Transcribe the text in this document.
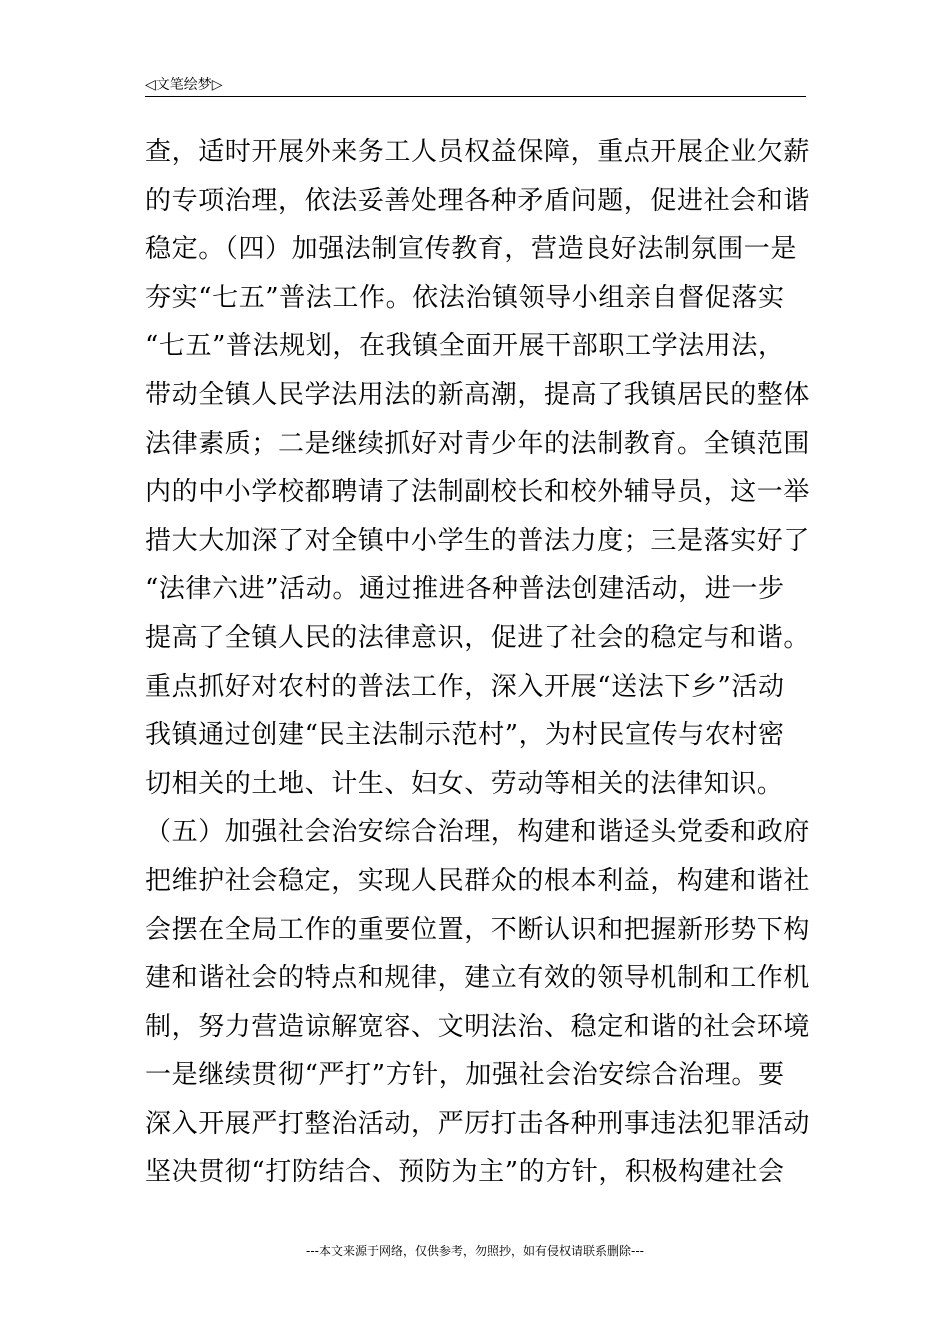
◁文笔绘梦▷
查，适时开展外来务工人员权益保障，重点开展企业欠薪
的专项治理，依法妥善处理各种矛盾问题，促进社会和谐
稳定。（四）加强法制宣传教育，营造良好法制氛围一是
夯实“七五”普法工作。依法治镇领导小组亲自督促落实
“七五”普法规划，在我镇全面开展干部职工学法用法，
带动全镇人民学法用法的新高潮，提高了我镇居民的整体
法律素质；二是继续抓好对青少年的法制教育。全镇范围
内的中小学校都聘请了法制副校长和校外辅导员，这一举
措大大加深了对全镇中小学生的普法力度；三是落实好了
“法律六进”活动。通过推进各种普法创建活动，进一步
提高了全镇人民的法律意识，促进了社会的稳定与和谐。
重点抓好对农村的普法工作，深入开展“送法下乡”活动
我镇通过创建“民主法制示范村”，为村民宣传与农村密
切相关的土地、计生、妇女、劳动等相关的法律知识。
（五）加强社会治安综合治理，构建和谐迳头党委和政府
把维护社会稳定，实现人民群众的根本利益，构建和谐社
会摆在全局工作的重要位置，不断认识和把握新形势下构
建和谐社会的特点和规律，建立有效的领导机制和工作机
制，努力营造谅解宽容、文明法治、稳定和谐的社会环境
一是继续贯彻“严打”方针，加强社会治安综合治理。要
深入开展严打整治活动，严厉打击各种刑事违法犯罪活动
坚决贯彻“打防结合、预防为主”的方针，积极构建社会
---本文来源于网络，仅供参考，勿照抄，如有侵权请联系删除---
